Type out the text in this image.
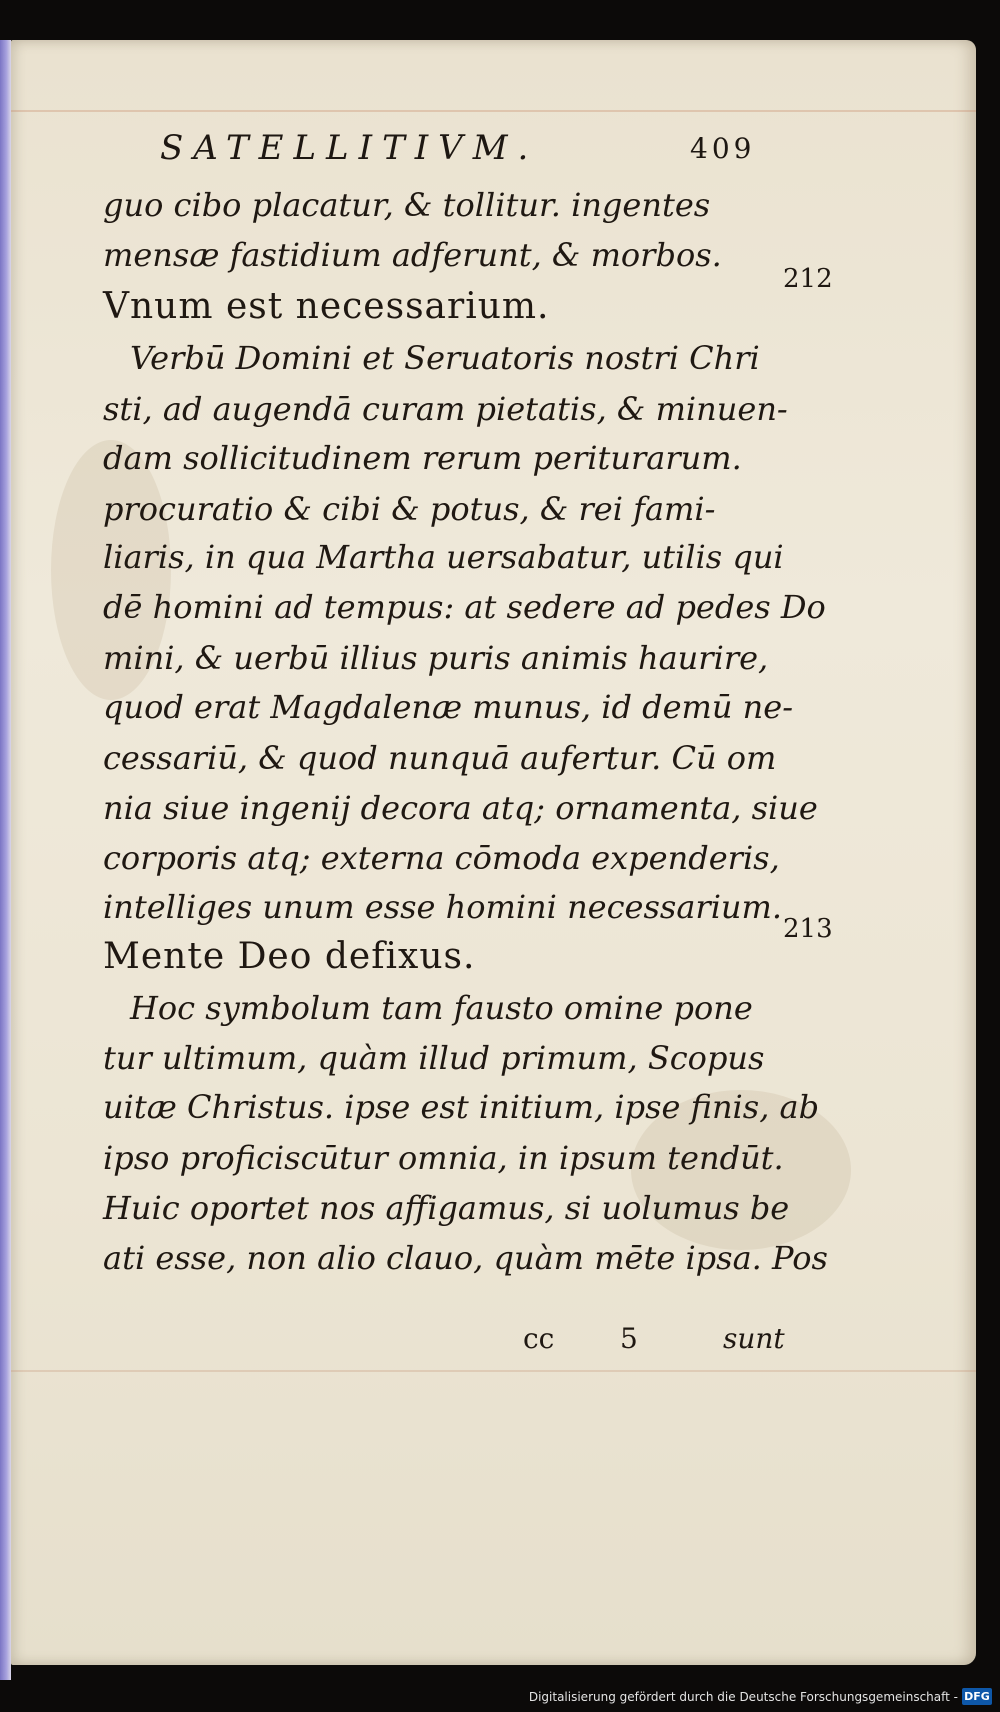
SATELLITIVM.	409
guo cibo placatur, & tollitur. ingentes
mensæ fastidium adferunt, & morbos.
Vnum est necessarium.
212
Verbū Domini et Seruatoris nostri Chri
sti, ad augendā curam pietatis, & minuen-
dam sollicitudinem rerum periturarum.
procuratio & cibi & potus, & rei fami-
liaris, in qua Martha uersabatur, utilis qui
dē homini ad tempus: at sedere ad pedes Do
mini, & uerbū illius puris animis haurire,
quod erat Magdalenæ munus, id demū ne-
cessariū, & quod nunquā aufertur. Cū om
nia siue ingenij decora atq; ornamenta, siue
corporis atq; externa cōmoda expenderis,
intelliges unum esse homini necessarium.
Mente Deo defixus.
213
Hoc symbolum tam fausto omine pone
tur ultimum, quàm illud primum, Scopus
uitæ Christus. ipse est initium, ipse finis, ab
ipso proficiscūtur omnia, in ipsum tendūt.
Huic oportet nos affigamus, si uolumus be
ati esse, non alio clauo, quàm mēte ipsa. Pos
cc 5	sunt
Digitalisierung gefördert durch die Deutsche Forschungsgemeinschaft - DFG
